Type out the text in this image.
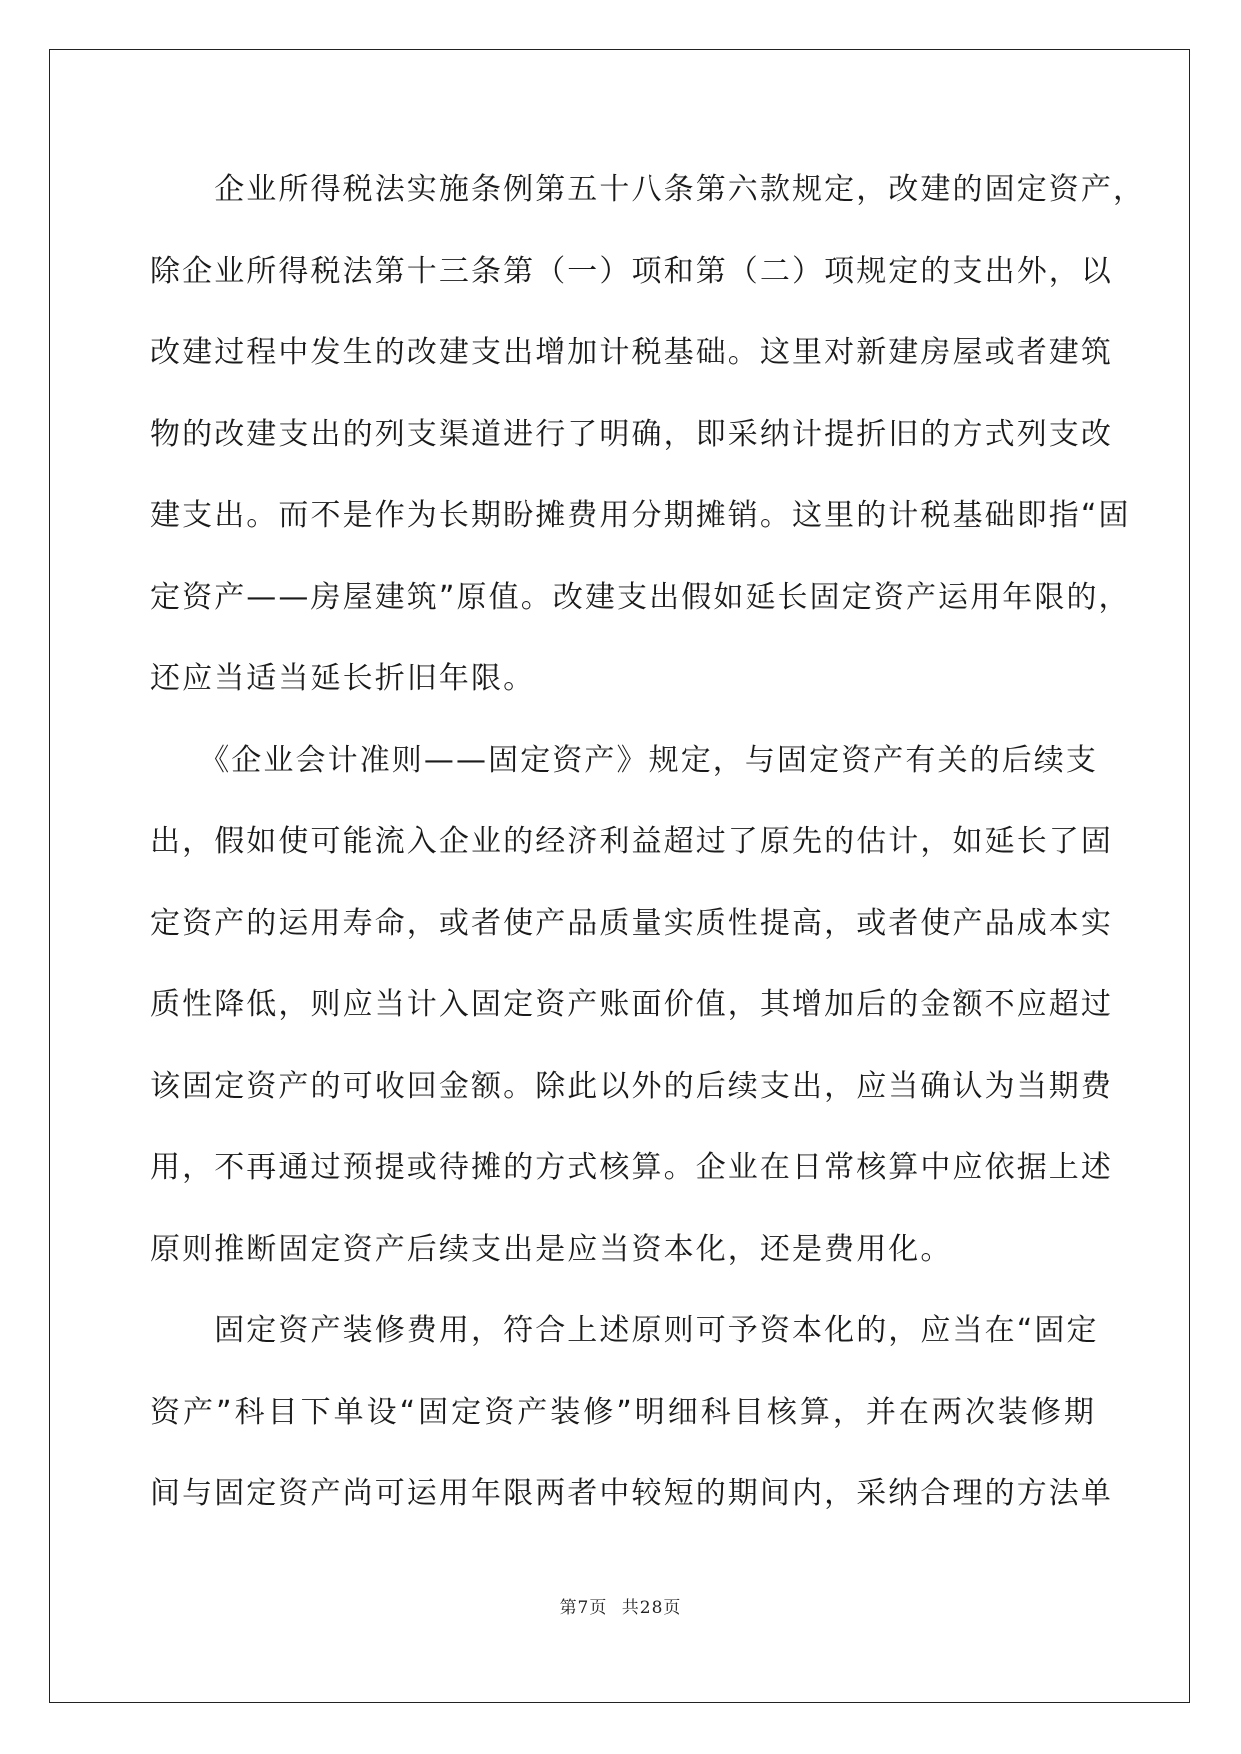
　　企业所得税法实施条例第五十八条第六款规定，改建的固定资产，
除企业所得税法第十三条第（一）项和第（二）项规定的支出外，以
改建过程中发生的改建支出增加计税基础。这里对新建房屋或者建筑
物的改建支出的列支渠道进行了明确，即采纳计提折旧的方式列支改
建支出。而不是作为长期盼摊费用分期摊销。这里的计税基础即指“固
定资产——房屋建筑”原值。改建支出假如延长固定资产运用年限的，
还应当适当延长折旧年限。
　　《企业会计准则——固定资产》规定，与固定资产有关的后续支
出，假如使可能流入企业的经济利益超过了原先的估计，如延长了固
定资产的运用寿命，或者使产品质量实质性提高，或者使产品成本实
质性降低，则应当计入固定资产账面价值，其增加后的金额不应超过
该固定资产的可收回金额。除此以外的后续支出，应当确认为当期费
用，不再通过预提或待摊的方式核算。企业在日常核算中应依据上述
原则推断固定资产后续支出是应当资本化，还是费用化。
　　固定资产装修费用，符合上述原则可予资本化的，应当在“固定
资产”科目下单设“固定资产装修”明细科目核算，并在两次装修期
间与固定资产尚可运用年限两者中较短的期间内，采纳合理的方法单
第7页 共28页
